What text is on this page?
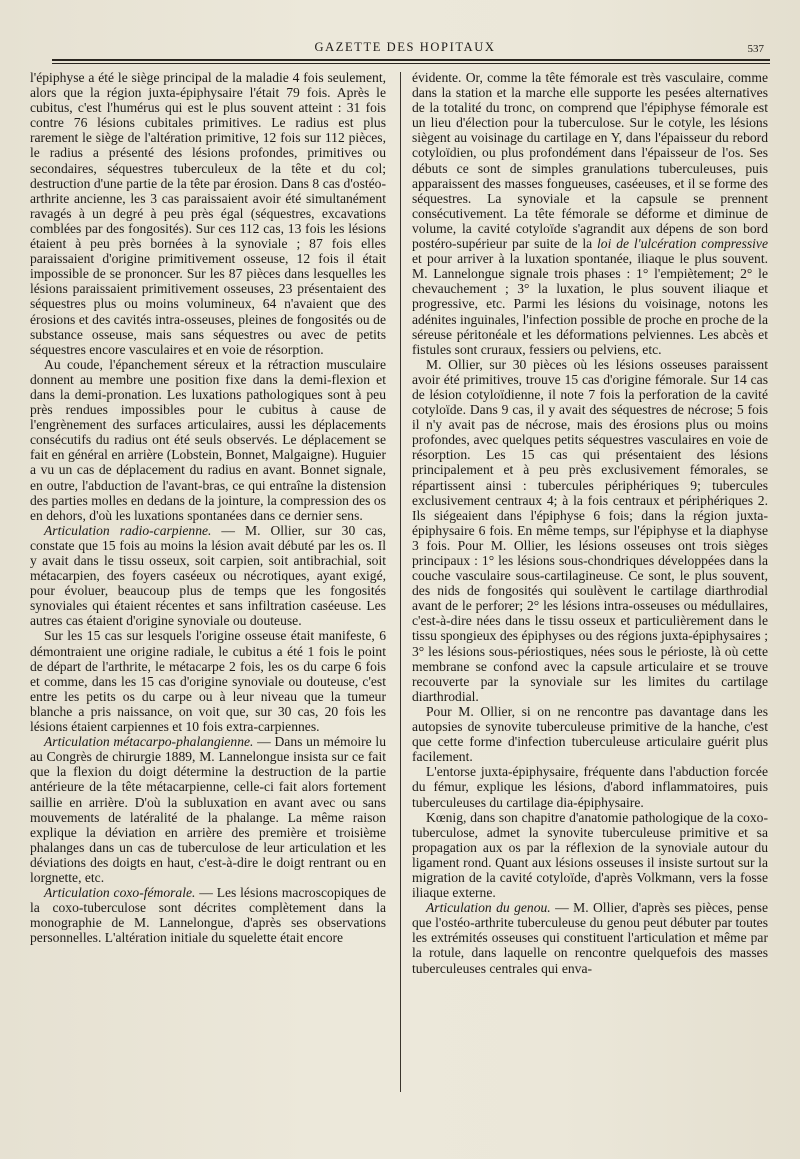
GAZETTE DES HOPITAUX	537

l'épiphyse a été le siège principal de la maladie 4 fois seulement, alors que la région juxta-épiphysaire l'était 79 fois. Après le cubitus, c'est l'humérus qui est le plus souvent atteint : 31 fois contre 76 lésions cubitales primitives. Le radius est plus rarement le siège de l'altération primitive, 12 fois sur 112 pièces, le radius a présenté des lésions profondes, primitives ou secondaires, séquestres tuberculeux de la tête et du col; destruction d'une partie de la tête par érosion. Dans 8 cas d'ostéo-arthrite ancienne, les 3 cas paraissaient avoir été simultanément ravagés à un degré à peu près égal (séquestres, excavations comblées par des fongosités). Sur ces 112 cas, 13 fois les lésions étaient à peu près bornées à la synoviale ; 87 fois elles paraissaient d'origine primitivement osseuse, 12 fois il était impossible de se prononcer. Sur les 87 pièces dans lesquelles les lésions paraissaient primitivement osseuses, 23 présentaient des séquestres plus ou moins volumineux, 64 n'avaient que des érosions et des cavités intra-osseuses, pleines de fongosités ou de substance osseuse, mais sans séquestres ou avec de petits séquestres encore vasculaires et en voie de résorption.

Au coude, l'épanchement séreux et la rétraction musculaire donnent au membre une position fixe dans la demi-flexion et dans la demi-pronation. Les luxations pathologiques sont à peu près rendues impossibles pour le cubitus à cause de l'engrènement des surfaces articulaires, aussi les déplacements consécutifs du radius ont été seuls observés. Le déplacement se fait en général en arrière (Lobstein, Bonnet, Malgaigne). Huguier a vu un cas de déplacement du radius en avant. Bonnet signale, en outre, l'abduction de l'avant-bras, ce qui entraîne la distension des parties molles en dedans de la jointure, la compression des os en dehors, d'où les luxations spontanées dans ce dernier sens.

Articulation radio-carpienne. — M. Ollier, sur 30 cas, constate que 15 fois au moins la lésion avait débuté par les os. Il y avait dans le tissu osseux, soit carpien, soit antibrachial, soit métacarpien, des foyers caséeux ou nécrotiques, ayant exigé, pour évoluer, beaucoup plus de temps que les fongosités synoviales qui étaient récentes et sans infiltration caséeuse. Les autres cas étaient d'origine synoviale ou douteuse.

Sur les 15 cas sur lesquels l'origine osseuse était manifeste, 6 démontraient une origine radiale, le cubitus a été 1 fois le point de départ de l'arthrite, le métacarpe 2 fois, les os du carpe 6 fois et comme, dans les 15 cas d'origine synoviale ou douteuse, c'est entre les petits os du carpe ou à leur niveau que la tumeur blanche a pris naissance, on voit que, sur 30 cas, 20 fois les lésions étaient carpiennes et 10 fois extra-carpiennes.

Articulation métacarpo-phalangienne. — Dans un mémoire lu au Congrès de chirurgie 1889, M. Lannelongue insista sur ce fait que la flexion du doigt détermine la destruction de la partie antérieure de la tête métacarpienne, celle-ci fait alors fortement saillie en arrière. D'où la subluxation en avant avec ou sans mouvements de latéralité de la phalange. La même raison explique la déviation en arrière des première et troisième phalanges dans un cas de tuberculose de leur articulation et les déviations des doigts en haut, c'est-à-dire le doigt rentrant ou en lorgnette, etc.

Articulation coxo-fémorale. — Les lésions macroscopiques de la coxo-tuberculose sont décrites complètement dans la monographie de M. Lannelongue, d'après ses observations personnelles. L'altération initiale du squelette était encore

évidente. Or, comme la tête fémorale est très vasculaire, comme dans la station et la marche elle supporte les pesées alternatives de la totalité du tronc, on comprend que l'épiphyse fémorale est un lieu d'élection pour la tuberculose. Sur le cotyle, les lésions siègent au voisinage du cartilage en Y, dans l'épaisseur du rebord cotyloïdien, ou plus profondément dans l'épaisseur de l'os. Ses débuts ce sont de simples granulations tuberculeuses, puis apparaissent des masses fongueuses, caséeuses, et il se forme des séquestres. La synoviale et la capsule se prennent consécutivement. La tête fémorale se déforme et diminue de volume, la cavité cotyloïde s'agrandit aux dépens de son bord postéro-supérieur par suite de la loi de l'ulcération compressive et pour arriver à la luxation spontanée, iliaque le plus souvent. M. Lannelongue signale trois phases : 1° l'empiètement; 2° le chevauchement ; 3° la luxation, le plus souvent iliaque et progressive, etc. Parmi les lésions du voisinage, notons les adénites inguinales, l'infection possible de proche en proche de la séreuse péritonéale et les déformations pelviennes. Les abcès et fistules sont cruraux, fessiers ou pelviens, etc.

M. Ollier, sur 30 pièces où les lésions osseuses paraissent avoir été primitives, trouve 15 cas d'origine fémorale. Sur 14 cas de lésion cotyloïdienne, il note 7 fois la perforation de la cavité cotyloïde. Dans 9 cas, il y avait des séquestres de nécrose; 5 fois il n'y avait pas de nécrose, mais des érosions plus ou moins profondes, avec quelques petits séquestres vasculaires en voie de résorption. Les 15 cas qui présentaient des lésions principalement et à peu près exclusivement fémorales, se répartissent ainsi : tubercules périphériques 9; tubercules exclusivement centraux 4; à la fois centraux et périphériques 2. Ils siégeaient dans l'épiphyse 6 fois; dans la région juxta-épiphysaire 6 fois. En même temps, sur l'épiphyse et la diaphyse 3 fois. Pour M. Ollier, les lésions osseuses ont trois sièges principaux : 1° les lésions sous-chondriques développées dans la couche vasculaire sous-cartilagineuse. Ce sont, le plus souvent, des nids de fongosités qui soulèvent le cartilage diarthrodial avant de le perforer; 2° les lésions intra-osseuses ou médullaires, c'est-à-dire nées dans le tissu osseux et particulièrement dans le tissu spongieux des épiphyses ou des régions juxta-épiphysaires ; 3° les lésions sous-périostiques, nées sous le périoste, là où cette membrane se confond avec la capsule articulaire et se trouve recouverte par la synoviale sur les limites du cartilage diarthrodial.

Pour M. Ollier, si on ne rencontre pas davantage dans les autopsies de synovite tuberculeuse primitive de la hanche, c'est que cette forme d'infection tuberculeuse articulaire guérit plus facilement.

L'entorse juxta-épiphysaire, fréquente dans l'abduction forcée du fémur, explique les lésions, d'abord inflammatoires, puis tuberculeuses du cartilage dia-épiphysaire.

Kœnig, dans son chapitre d'anatomie pathologique de la coxo-tuberculose, admet la synovite tuberculeuse primitive et sa propagation aux os par la réflexion de la synoviale autour du ligament rond. Quant aux lésions osseuses il insiste surtout sur la migration de la cavité cotyloïde, d'après Volkmann, vers la fosse iliaque externe.

Articulation du genou. — M. Ollier, d'après ses pièces, pense que l'ostéo-arthrite tuberculeuse du genou peut débuter par toutes les extrémités osseuses qui constituent l'articulation et même par la rotule, dans laquelle on rencontre quelquefois des masses tuberculeuses centrales qui enva-
